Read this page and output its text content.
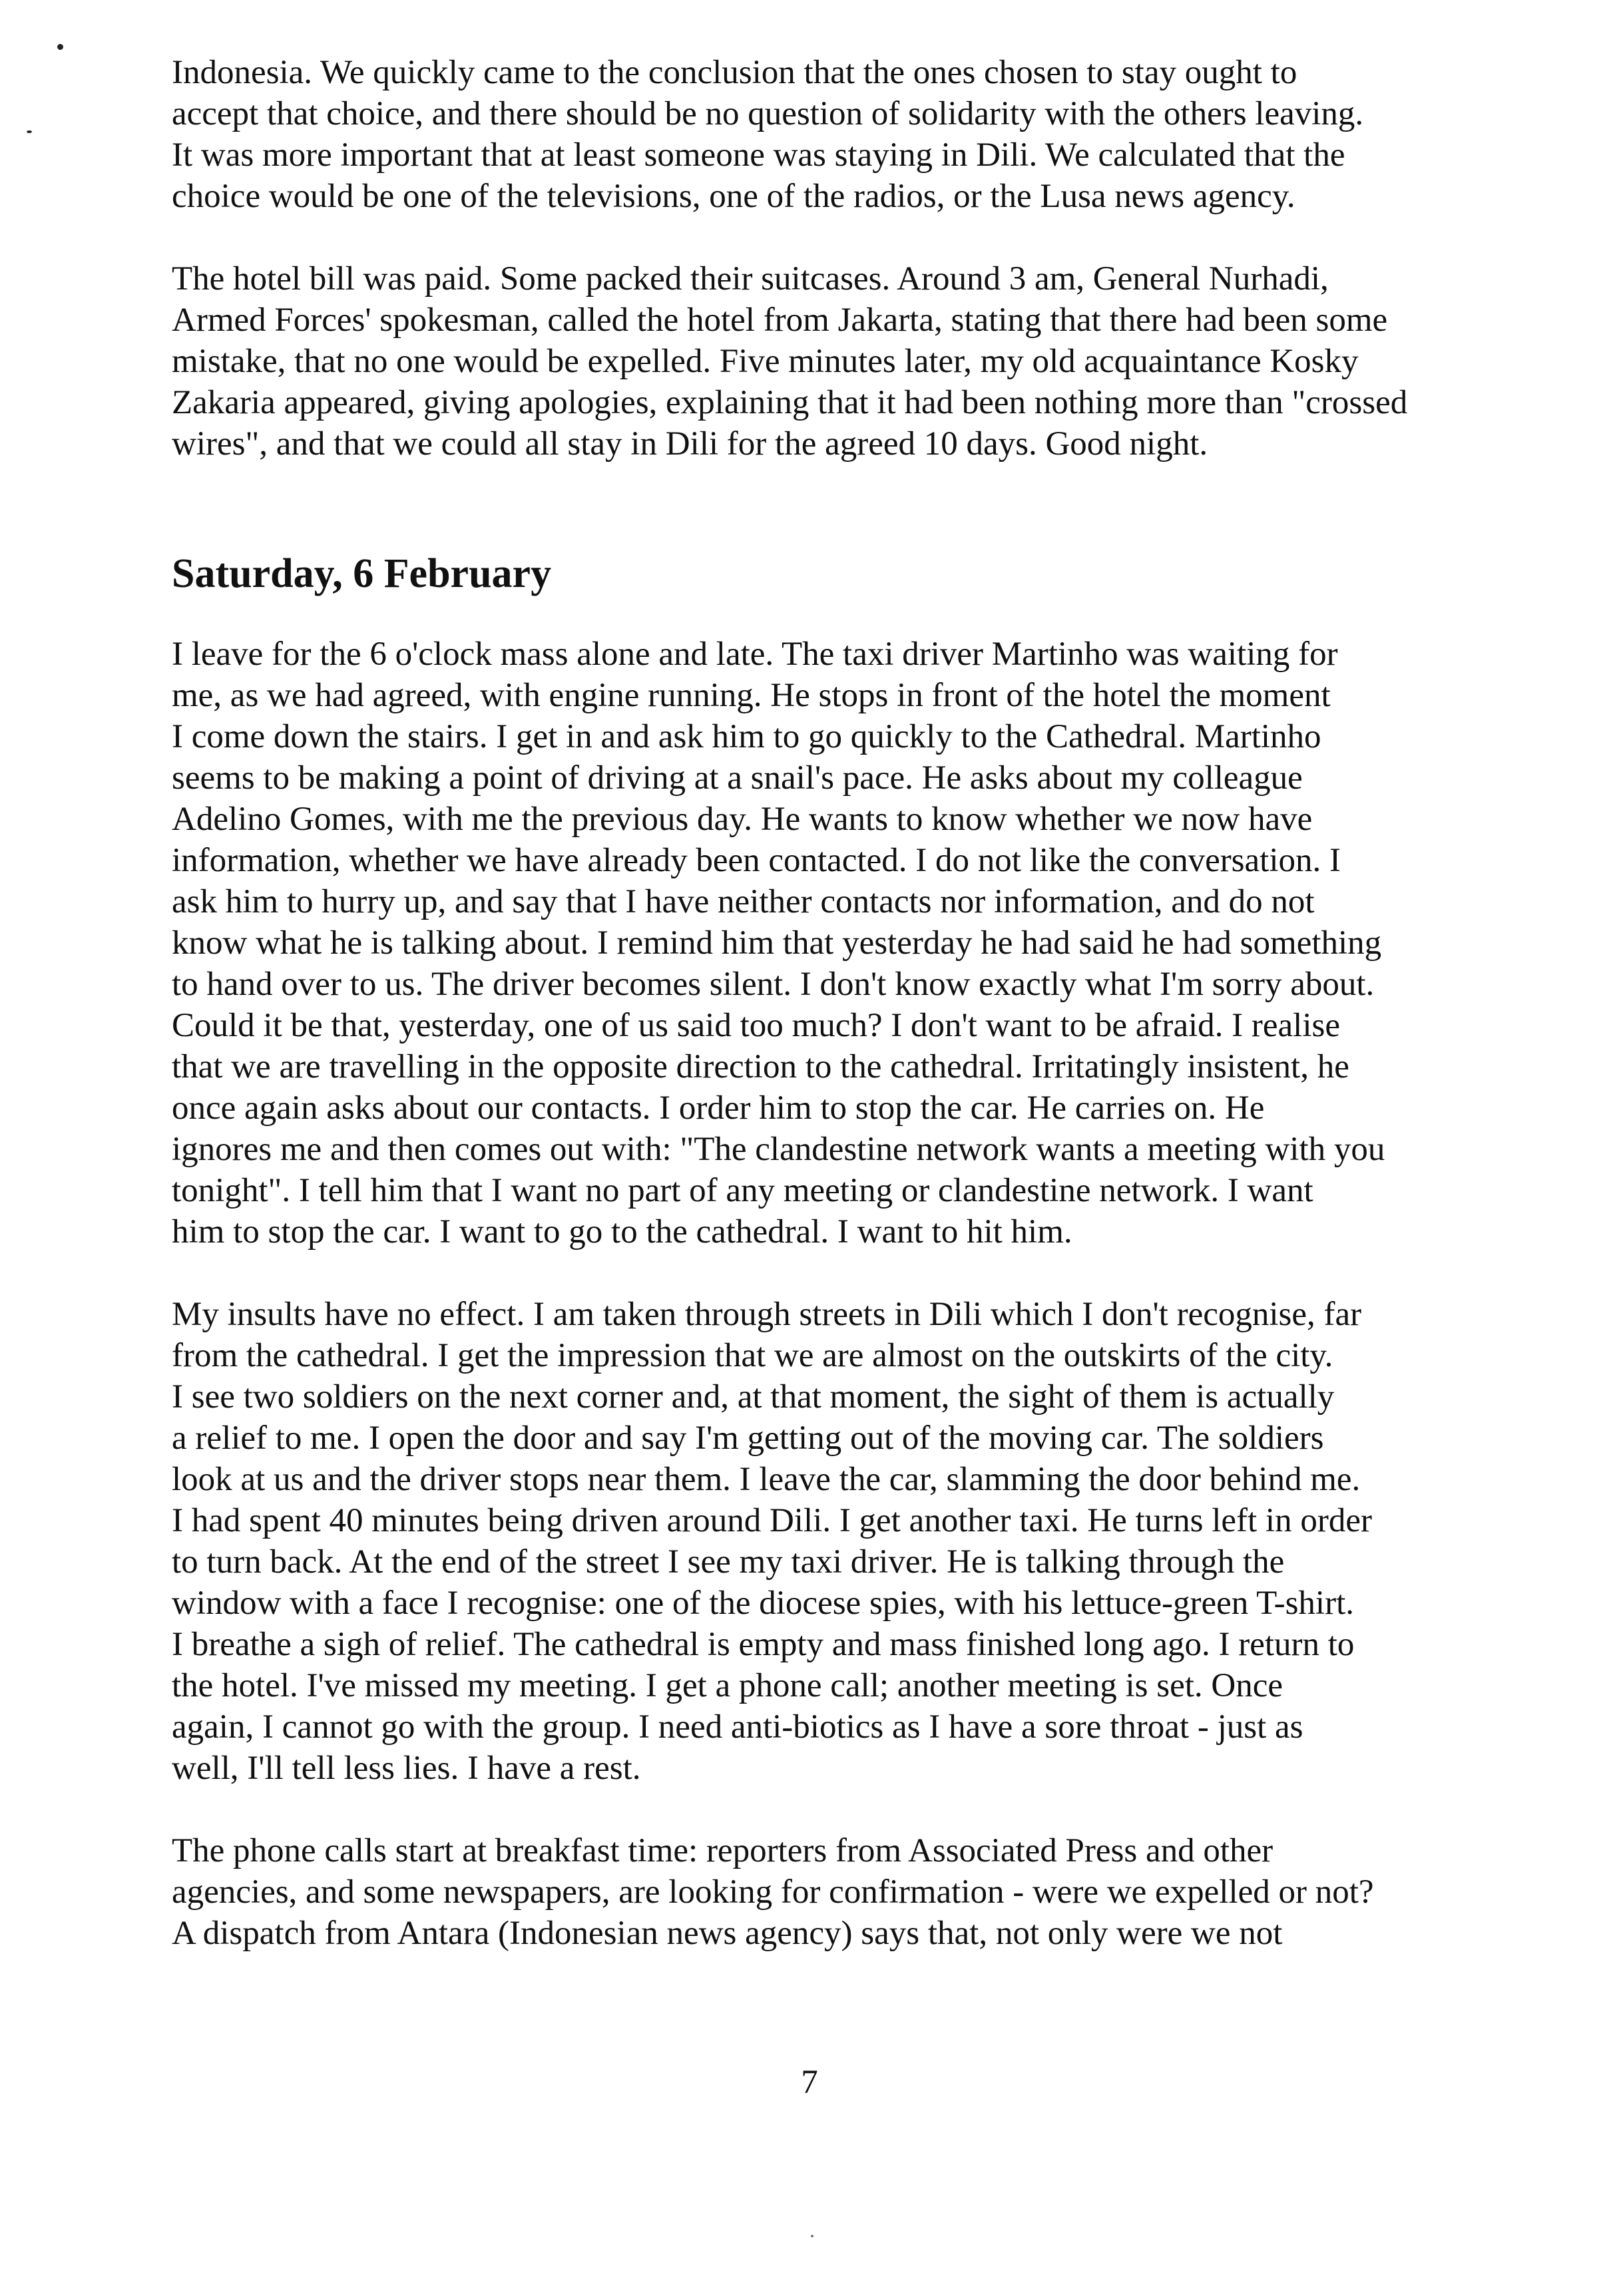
Indonesia. We quickly came to the conclusion that the ones chosen to stay ought to
accept that choice, and there should be no question of solidarity with the others leaving.
It was more important that at least someone was staying in Dili. We calculated that the
choice would be one of the televisions, one of the radios, or the Lusa news agency.

The hotel bill was paid. Some packed their suitcases. Around 3 am, General Nurhadi,
Armed Forces' spokesman, called the hotel from Jakarta, stating that there had been some
mistake, that no one would be expelled. Five minutes later, my old acquaintance Kosky
Zakaria appeared, giving apologies, explaining that it had been nothing more than "crossed
wires", and that we could all stay in Dili for the agreed 10 days. Good night.

Saturday, 6 February

I leave for the 6 o'clock mass alone and late. The taxi driver Martinho was waiting for
me, as we had agreed, with engine running. He stops in front of the hotel the moment
I come down the stairs. I get in and ask him to go quickly to the Cathedral. Martinho
seems to be making a point of driving at a snail's pace. He asks about my colleague
Adelino Gomes, with me the previous day. He wants to know whether we now have
information, whether we have already been contacted. I do not like the conversation. I
ask him to hurry up, and say that I have neither contacts nor information, and do not
know what he is talking about. I remind him that yesterday he had said he had something
to hand over to us. The driver becomes silent. I don't know exactly what I'm sorry about.
Could it be that, yesterday, one of us said too much? I don't want to be afraid. I realise
that we are travelling in the opposite direction to the cathedral. Irritatingly insistent, he
once again asks about our contacts. I order him to stop the car. He carries on. He
ignores me and then comes out with: "The clandestine network wants a meeting with you
tonight". I tell him that I want no part of any meeting or clandestine network. I want
him to stop the car. I want to go to the cathedral. I want to hit him.

My insults have no effect. I am taken through streets in Dili which I don't recognise, far
from the cathedral. I get the impression that we are almost on the outskirts of the city.
I see two soldiers on the next corner and, at that moment, the sight of them is actually
a relief to me. I open the door and say I'm getting out of the moving car. The soldiers
look at us and the driver stops near them. I leave the car, slamming the door behind me.
I had spent 40 minutes being driven around Dili. I get another taxi. He turns left in order
to turn back. At the end of the street I see my taxi driver. He is talking through the
window with a face I recognise: one of the diocese spies, with his lettuce-green T-shirt.
I breathe a sigh of relief. The cathedral is empty and mass finished long ago. I return to
the hotel. I've missed my meeting. I get a phone call; another meeting is set. Once
again, I cannot go with the group. I need anti-biotics as I have a sore throat - just as
well, I'll tell less lies. I have a rest.

The phone calls start at breakfast time: reporters from Associated Press and other
agencies, and some newspapers, are looking for confirmation - were we expelled or not?
A dispatch from Antara (Indonesian news agency) says that, not only were we not

7
